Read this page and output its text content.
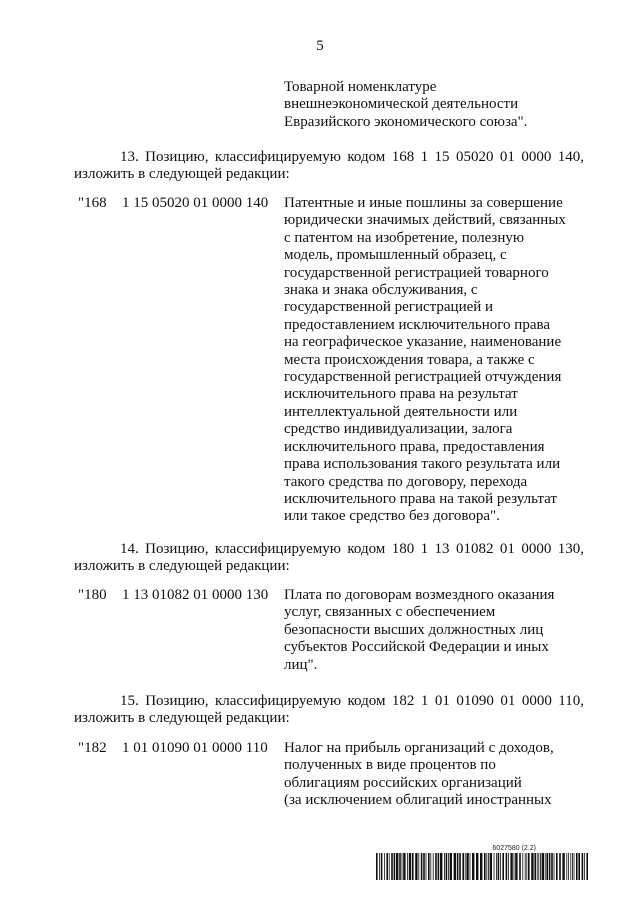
5
Товарной номенклатуре
внешнеэкономической деятельности
Евразийского экономического союза".
13. Позицию, классифицируемую кодом 168 1 15 05020 01 0000 140,
изложить в следующей редакции:
"168 1 15 05020 01 0000 140 Патентные и иные пошлины за совершение
юридически значимых действий, связанных
с патентом на изобретение, полезную
модель, промышленный образец, с
государственной регистрацией товарного
знака и знака обслуживания, с
государственной регистрацией и
предоставлением исключительного права
на географическое указание, наименование
места происхождения товара, а также с
государственной регистрацией отчуждения
исключительного права на результат
интеллектуальной деятельности или
средство индивидуализации, залога
исключительного права, предоставления
права использования такого результата или
такого средства по договору, перехода
исключительного права на такой результат
или такое средство без договора".
14. Позицию, классифицируемую кодом 180 1 13 01082 01 0000 130,
изложить в следующей редакции:
"180 1 13 01082 01 0000 130 Плата по договорам возмездного оказания
услуг, связанных с обеспечением
безопасности высших должностных лиц
субъектов Российской Федерации и иных
лиц".
15. Позицию, классифицируемую кодом 182 1 01 01090 01 0000 110,
изложить в следующей редакции:
"182 1 01 01090 01 0000 110 Налог на прибыль организаций с доходов,
полученных в виде процентов по
облигациям российских организаций
(за исключением облигаций иностранных
6027580 (2.2)
